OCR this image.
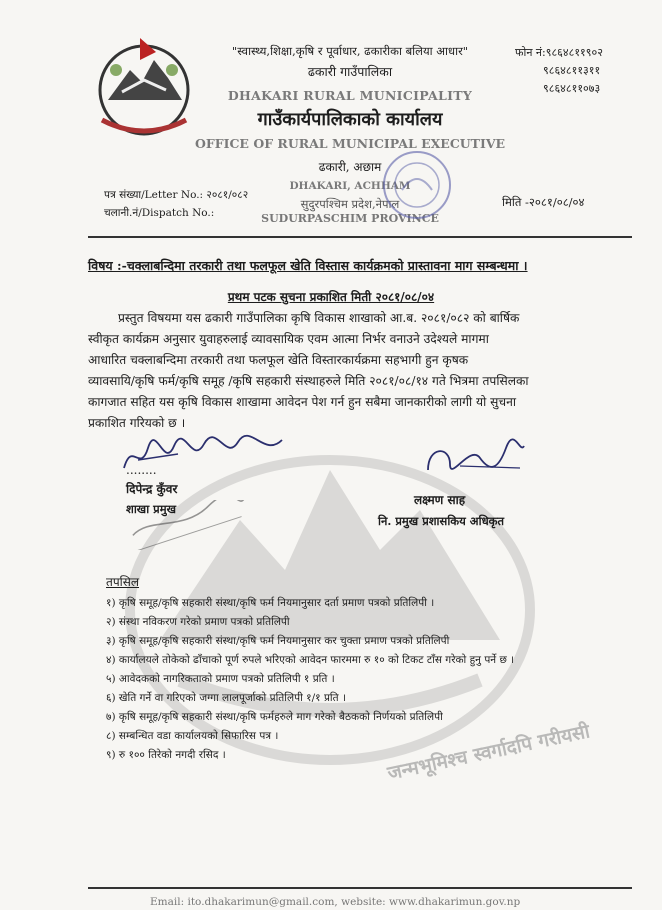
जन्मभूमिश्च स्वर्गादपि गरीयसी
"स्वास्थ्य,शिक्षा,कृषि र पूर्वाधार, ढकारीका बलिया आधार"
ढकारी गाउँपालिका
DHAKARI RURAL MUNICIPALITY
गाउँकार्यपालिकाको कार्यालय
OFFICE OF RURAL MUNICIPAL EXECUTIVE
ढकारी, अछाम
DHAKARI, ACHHAM
सुदुरपश्चिम प्रदेश,नेपाल
SUDURPASCHIM PROVINCE
फोन नं:९८६४८११९०२
९८६४८११३११
९८६४८११०७३
पत्र संख्या/Letter No.: २०८१/०८२
चलानी.नं/Dispatch No.:
मिति -२०८१/०८/०४
विषय :-चक्लाबन्दिमा तरकारी तथा फलफूल खेति विस्तास कार्यक्रमको प्रास्तावना माग सम्बन्धमा ।
प्रथम पटक सुचना प्रकाशित मिती २०८१/०८/०४
प्रस्तुत विषयमा यस ढकारी गाउँपालिका कृषि विकास शाखाको आ.ब. २०८१/०८२ को बार्षिक
स्वीकृत कार्यक्रम अनुसार युवाहरुलाई व्यावसायिक एवम आत्मा निर्भर वनाउने उदेश्यले मागमा
आधारित चक्लाबन्दिमा तरकारी तथा फलफूल खेति विस्तारकार्यक्रमा सहभागी हुन कृषक
व्यावसायि/कृषि फर्म/कृषि समूह /कृषि सहकारी संस्थाहरुले मिति २०८१/०८/१४ गते भित्रमा तपसिलका
कागजात सहित यस कृषि विकास शाखामा आवेदन पेश गर्न हुन सबैमा जानकारीको लागी यो सुचना
प्रकाशित गरियको छ ।
........
दिपेन्द्र कुँवर
शाखा प्रमुख
लक्ष्मण साह
नि. प्रमुख प्रशासकिय अधिकृत
तपसिल
१) कृषि समूह/कृषि सहकारी संस्था/कृषि फर्म नियमानुसार दर्ता प्रमाण पत्रको प्रतिलिपी ।
२) संस्था नविकरण गरेको प्रमाण पत्रको प्रतिलिपी
३) कृषि समूह/कृषि सहकारी संस्था/कृषि फर्म नियमानुसार कर चुक्ता प्रमाण पत्रको प्रतिलिपी
४) कार्यालयले तोकेको ढाँचाको पूर्ण रुपले भरिएको आवेदन फारममा रु १० को टिकट टाँस गरेको हुनु पर्ने छ ।
५) आवेदकको नागरिकताको प्रमाण पत्रको प्रतिलिपी १ प्रति ।
६) खेति गर्ने वा गरिएको जग्गा लालपूर्जाको प्रतिलिपी १/१ प्रति ।
७) कृषि समूह/कृषि सहकारी संस्था/कृषि फर्महरुले माग गरेको बैठकको निर्णयको प्रतिलिपी
८) सम्बन्धित वडा कार्यालयको सिफारिस पत्र ।
९) रु १०० तिरेको नगदी रसिद ।
Email: ito.dhakarimun@gmail.com, website: www.dhakarimun.gov.np
